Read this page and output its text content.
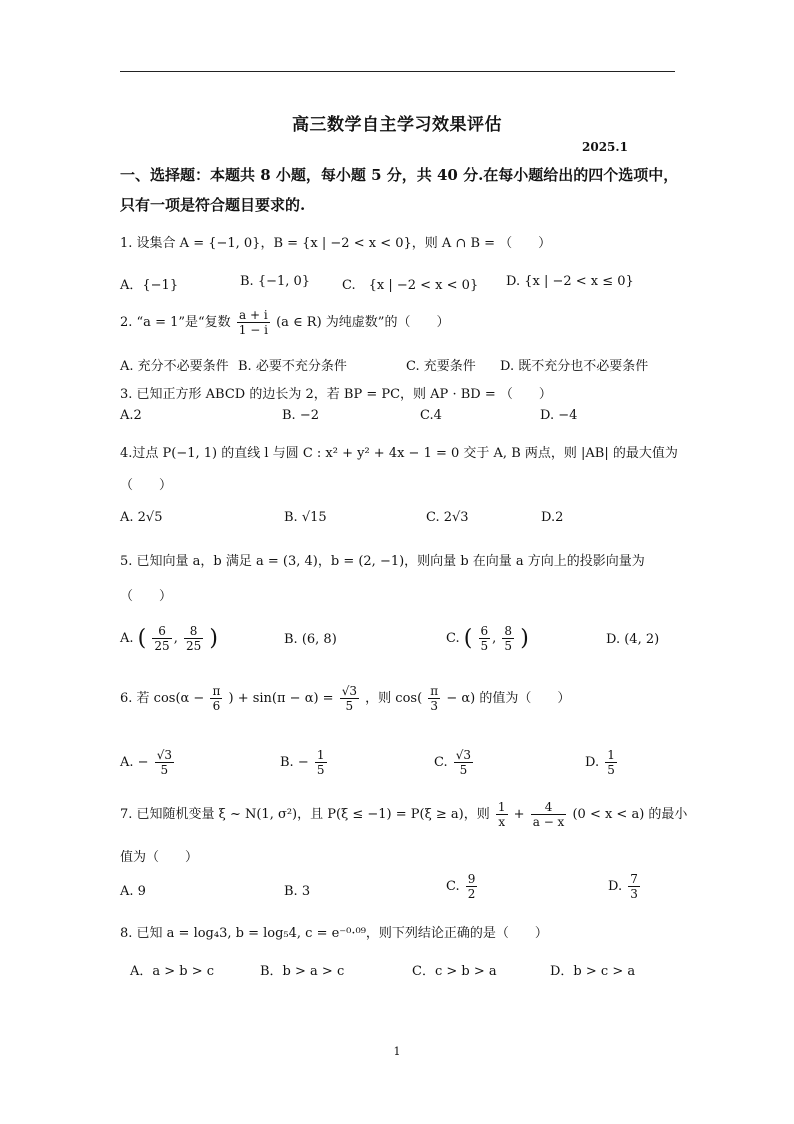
高三数学自主学习效果评估
2025.1
一、选择题：本题共 8 小题，每小题 5 分，共 40 分.在每小题给出的四个选项中，
只有一项是符合题目要求的.
1. 设集合 A = {−1, 0}，B = {x | −2 < x < 0}，则 A ∩ B = （　　）
A．{−1}	B. {−1, 0} C.　{x | −2 < x < 0} D. {x | −2 < x ≤ 0}
2. “a = 1”是“复数 $\frac{a + i}{1 - i} (a$ ∈ R) 为纯虚数”的（　　）
A. 充分不必要条件 B. 必要不充分条件	C. 充要条件 D. 既不充分也不必要条件
3. 已知正方形 ABCD 的边长为 2，若 BP = PC，则 AP · BD = （　　）
A.2	B. −2	C.4	D. −4
4.过点 P(−1, 1) 的直线 l 与圆 C : x² + y² + 4x − 1 = 0 交于 A, B 两点，则 |AB| 的最大值为
（　　）
A. 2√5	B. √15	C. 2√3	D.2
5. 已知向量 a，b 满足 a = (3, 4)，b = (2, −1)，则向量 b 在向量 a 方向上的投影向量为
（　　）
A. ( $\frac{6}{25}$ , $\frac{8}{25}$ )	B. (6, 8)	C. ( $\frac{6}{5}$ , $\frac{8}{5}$ )	D. (4, 2)
6. 若 $\cos(\alpha - \frac{\pi}{6}$ ) + $\sin(\pi - \alpha) = \frac{√3}{5}$ ，则 $\cos( \frac{\pi}{3} - \alpha)$ 的值为（　　）
A. − $\frac{√3}{5}$	B. − $\frac{1}{5}$	C. $\frac{√3}{5}$	D. $\frac{1}{5}$
7. 已知随机变量 ξ ~ N(1, σ²)，且 P(ξ ≤ −1) = P(ξ ≥ a)，则 $\frac{1}{x} + \frac{4}{a - x} (0 < x < a)$ 的最小
值为（　　）
A. 9	B. 3	C. $\frac{9}{2}$	D. $\frac{7}{3}$
8. 已知 a = log₄3, b = log₅4, c = e⁻⁰·⁰⁹，则下列结论正确的是（　　）
A．a > b > c	B．b > a > c	C．c > b > a	D．b > c > a
1
